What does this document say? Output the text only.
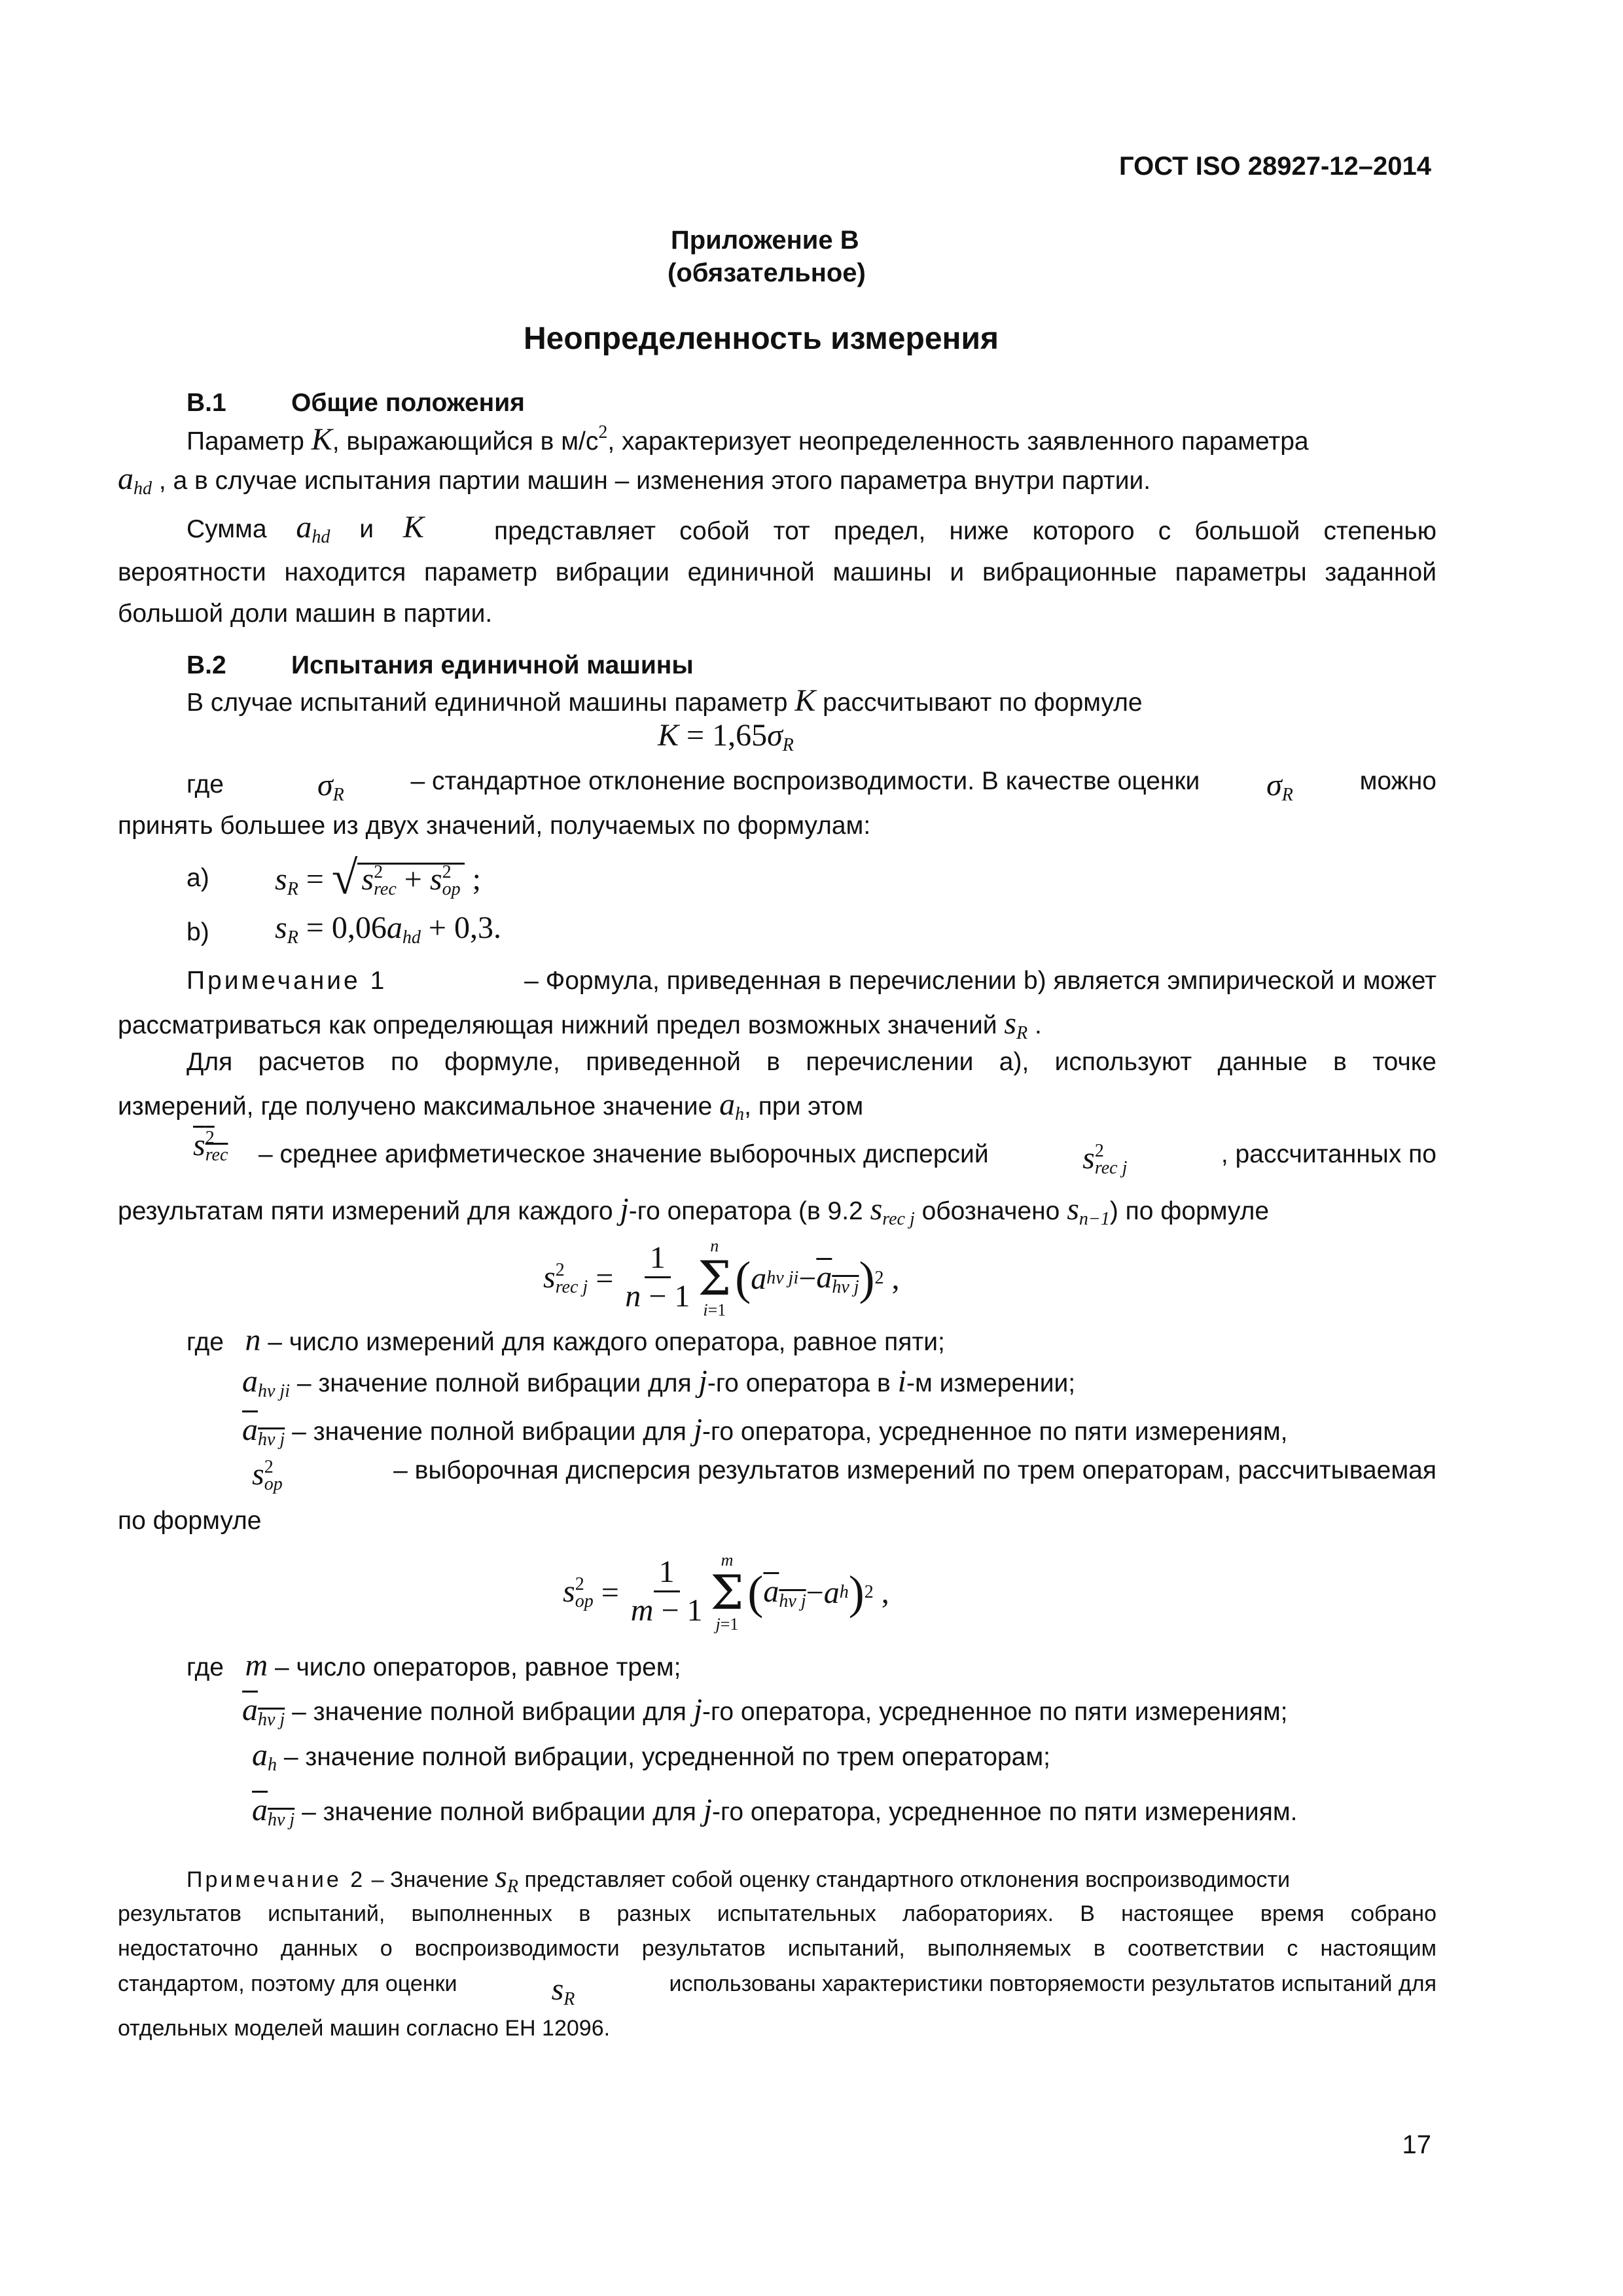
ГОСТ ISO 28927-12–2014
Приложение В
(обязательное)
Неопределенность измерения
В.1	Общие положения
Параметр K, выражающийся в $м/с^2$, характеризует неопределенность заявленного параметра
$a_{hd}$ , а в случае испытания партии машин – изменения этого параметра внутри партии.
Сумма $a_{hd}$ и K	представляет собой тот предел, ниже которого с большой степенью вероятности находится параметр вибрации единичной машины и вибрационные параметры заданной большой доли машин в партии.
В.2	Испытания единичной машины
В случае испытаний единичной машины параметр K рассчитывают по формуле
$K = 1,65\sigma_R$
где	$\sigma_R$	– стандартное отклонение воспроизводимости. В качестве оценки $\sigma_R$	можно
принять большее из двух значений, получаемых по формулам:
а) $s_R$ = √ $s^2_{rec} + s^2_{op}$ ;
b) $s_R = 0,06a_{hd} + 0,3$.
Примечание 1	– Формула, приведенная в перечислении b) является эмпирической и может
рассматриваться как определяющая нижний предел возможных значений $s_R$ .
Для расчетов по формуле, приведенной в перечислении а), используют данные в точке
измерений, где получено максимальное значение $a_h$, при этом
$s^2_{rec}$ – среднее арифметическое значение выборочных дисперсий	$s^2_{rec j}$	, рассчитанных по
результатам пяти измерений для каждого j-го оператора (в 9.2 $s_{rec j}$ обозначено $s_{n-1}$) по формуле
$s^2_{rec j} = \frac{1}{n - 1}$ n
Σ
i=1
( a hv ji − $a_{hv j}$ ) 2 ,
где n – число измерений для каждого оператора, равное пяти;
$a_{hv ji}$ – значение полной вибрации для j-го оператора в i-м измерении;
$a_{hv j}$ – значение полной вибрации для j-го оператора, усредненное по пяти измерениям,
$s^2_{op}$	– выборочная дисперсия результатов измерений по трем операторам, рассчитываемая
по формуле
$s^2_{op} = \frac{1}{m - 1}$ m
Σ
j=1
( $a_{hv j} - a$ h ) 2 ,
где m – число операторов, равное трем;
$a_{hv j}$ – значение полной вибрации для j-го оператора, усредненное по пяти измерениям;
$a_h$ – значение полной вибрации, усредненной по трем операторам;
$a_{hv j}$ – значение полной вибрации для j-го оператора, усредненное по пяти измерениям.
Примечание 2 – Значение $s_R$ представляет собой оценку стандартного отклонения воспроизводимости
результатов испытаний, выполненных в разных испытательных лабораториях. В настоящее время собрано
недостаточно данных о воспроизводимости результатов испытаний, выполняемых в соответствии с настоящим
стандартом, поэтому для оценки	$s_R$
использованы характеристики повторяемости результатов испытаний для
отдельных моделей машин согласно ЕН 12096.
17
